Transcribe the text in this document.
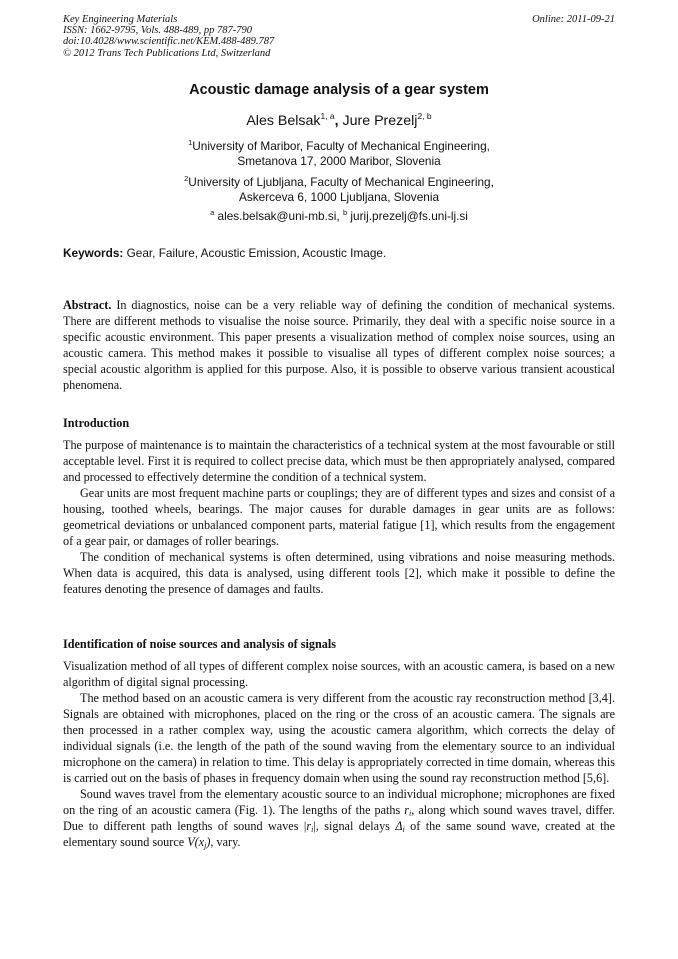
Key Engineering Materials
ISSN: 1662-9795, Vols. 488-489, pp 787-790
doi:10.4028/www.scientific.net/KEM.488-489.787
© 2012 Trans Tech Publications Ltd, Switzerland
Online: 2011-09-21
Acoustic damage analysis of a gear system
Ales Belsak$^{1, a}$, Jure Prezelj$^{2, b}$
$^1$University of Maribor, Faculty of Mechanical Engineering,
Smetanova 17, 2000 Maribor, Slovenia
$^2$University of Ljubljana, Faculty of Mechanical Engineering,
Askerceva 6, 1000 Ljubljana, Slovenia
$^a$ ales.belsak@uni-mb.si, $^b$ jurij.prezelj@fs.uni-lj.si
Keywords: Gear, Failure, Acoustic Emission, Acoustic Image.

Abstract. In diagnostics, noise can be a very reliable way of defining the condition of mechanical systems. There are different methods to visualise the noise source. Primarily, they deal with a specific noise source in a specific acoustic environment. This paper presents a visualization method of complex noise sources, using an acoustic camera. This method makes it possible to visualise all types of different complex noise sources; a special acoustic algorithm is applied for this purpose. Also, it is possible to observe various transient acoustical phenomena.

Introduction

The purpose of maintenance is to maintain the characteristics of a technical system at the most favourable or still acceptable level. First it is required to collect precise data, which must be then appropriately analysed, compared and processed to effectively determine the condition of a technical system.

Gear units are most frequent machine parts or couplings; they are of different types and sizes and consist of a housing, toothed wheels, bearings. The major causes for durable damages in gear units are as follows: geometrical deviations or unbalanced component parts, material fatigue [1], which results from the engagement of a gear pair, or damages of roller bearings.

The condition of mechanical systems is often determined, using vibrations and noise measuring methods. When data is acquired, this data is analysed, using different tools [2], which make it possible to define the features denoting the presence of damages and faults.

Identification of noise sources and analysis of signals

Visualization method of all types of different complex noise sources, with an acoustic camera, is based on a new algorithm of digital signal processing.

The method based on an acoustic camera is very different from the acoustic ray reconstruction method [3,4]. Signals are obtained with microphones, placed on the ring or the cross of an acoustic camera. The signals are then processed in a rather complex way, using the acoustic camera algorithm, which corrects the delay of individual signals (i.e. the length of the path of the sound waving from the elementary source to an individual microphone on the camera) in relation to time. This delay is appropriately corrected in time domain, whereas this is carried out on the basis of phases in frequency domain when using the sound ray reconstruction method [5,6].

Sound waves travel from the elementary acoustic source to an individual microphone; microphones are fixed on the ring of an acoustic camera (Fig. 1). The lengths of the paths $r_i$, along which sound waves travel, differ. Due to different path lengths of sound waves $|r_i|$, signal delays $\Delta_i$ of the same sound wave, created at the elementary sound source $V(x_j)$, vary.
